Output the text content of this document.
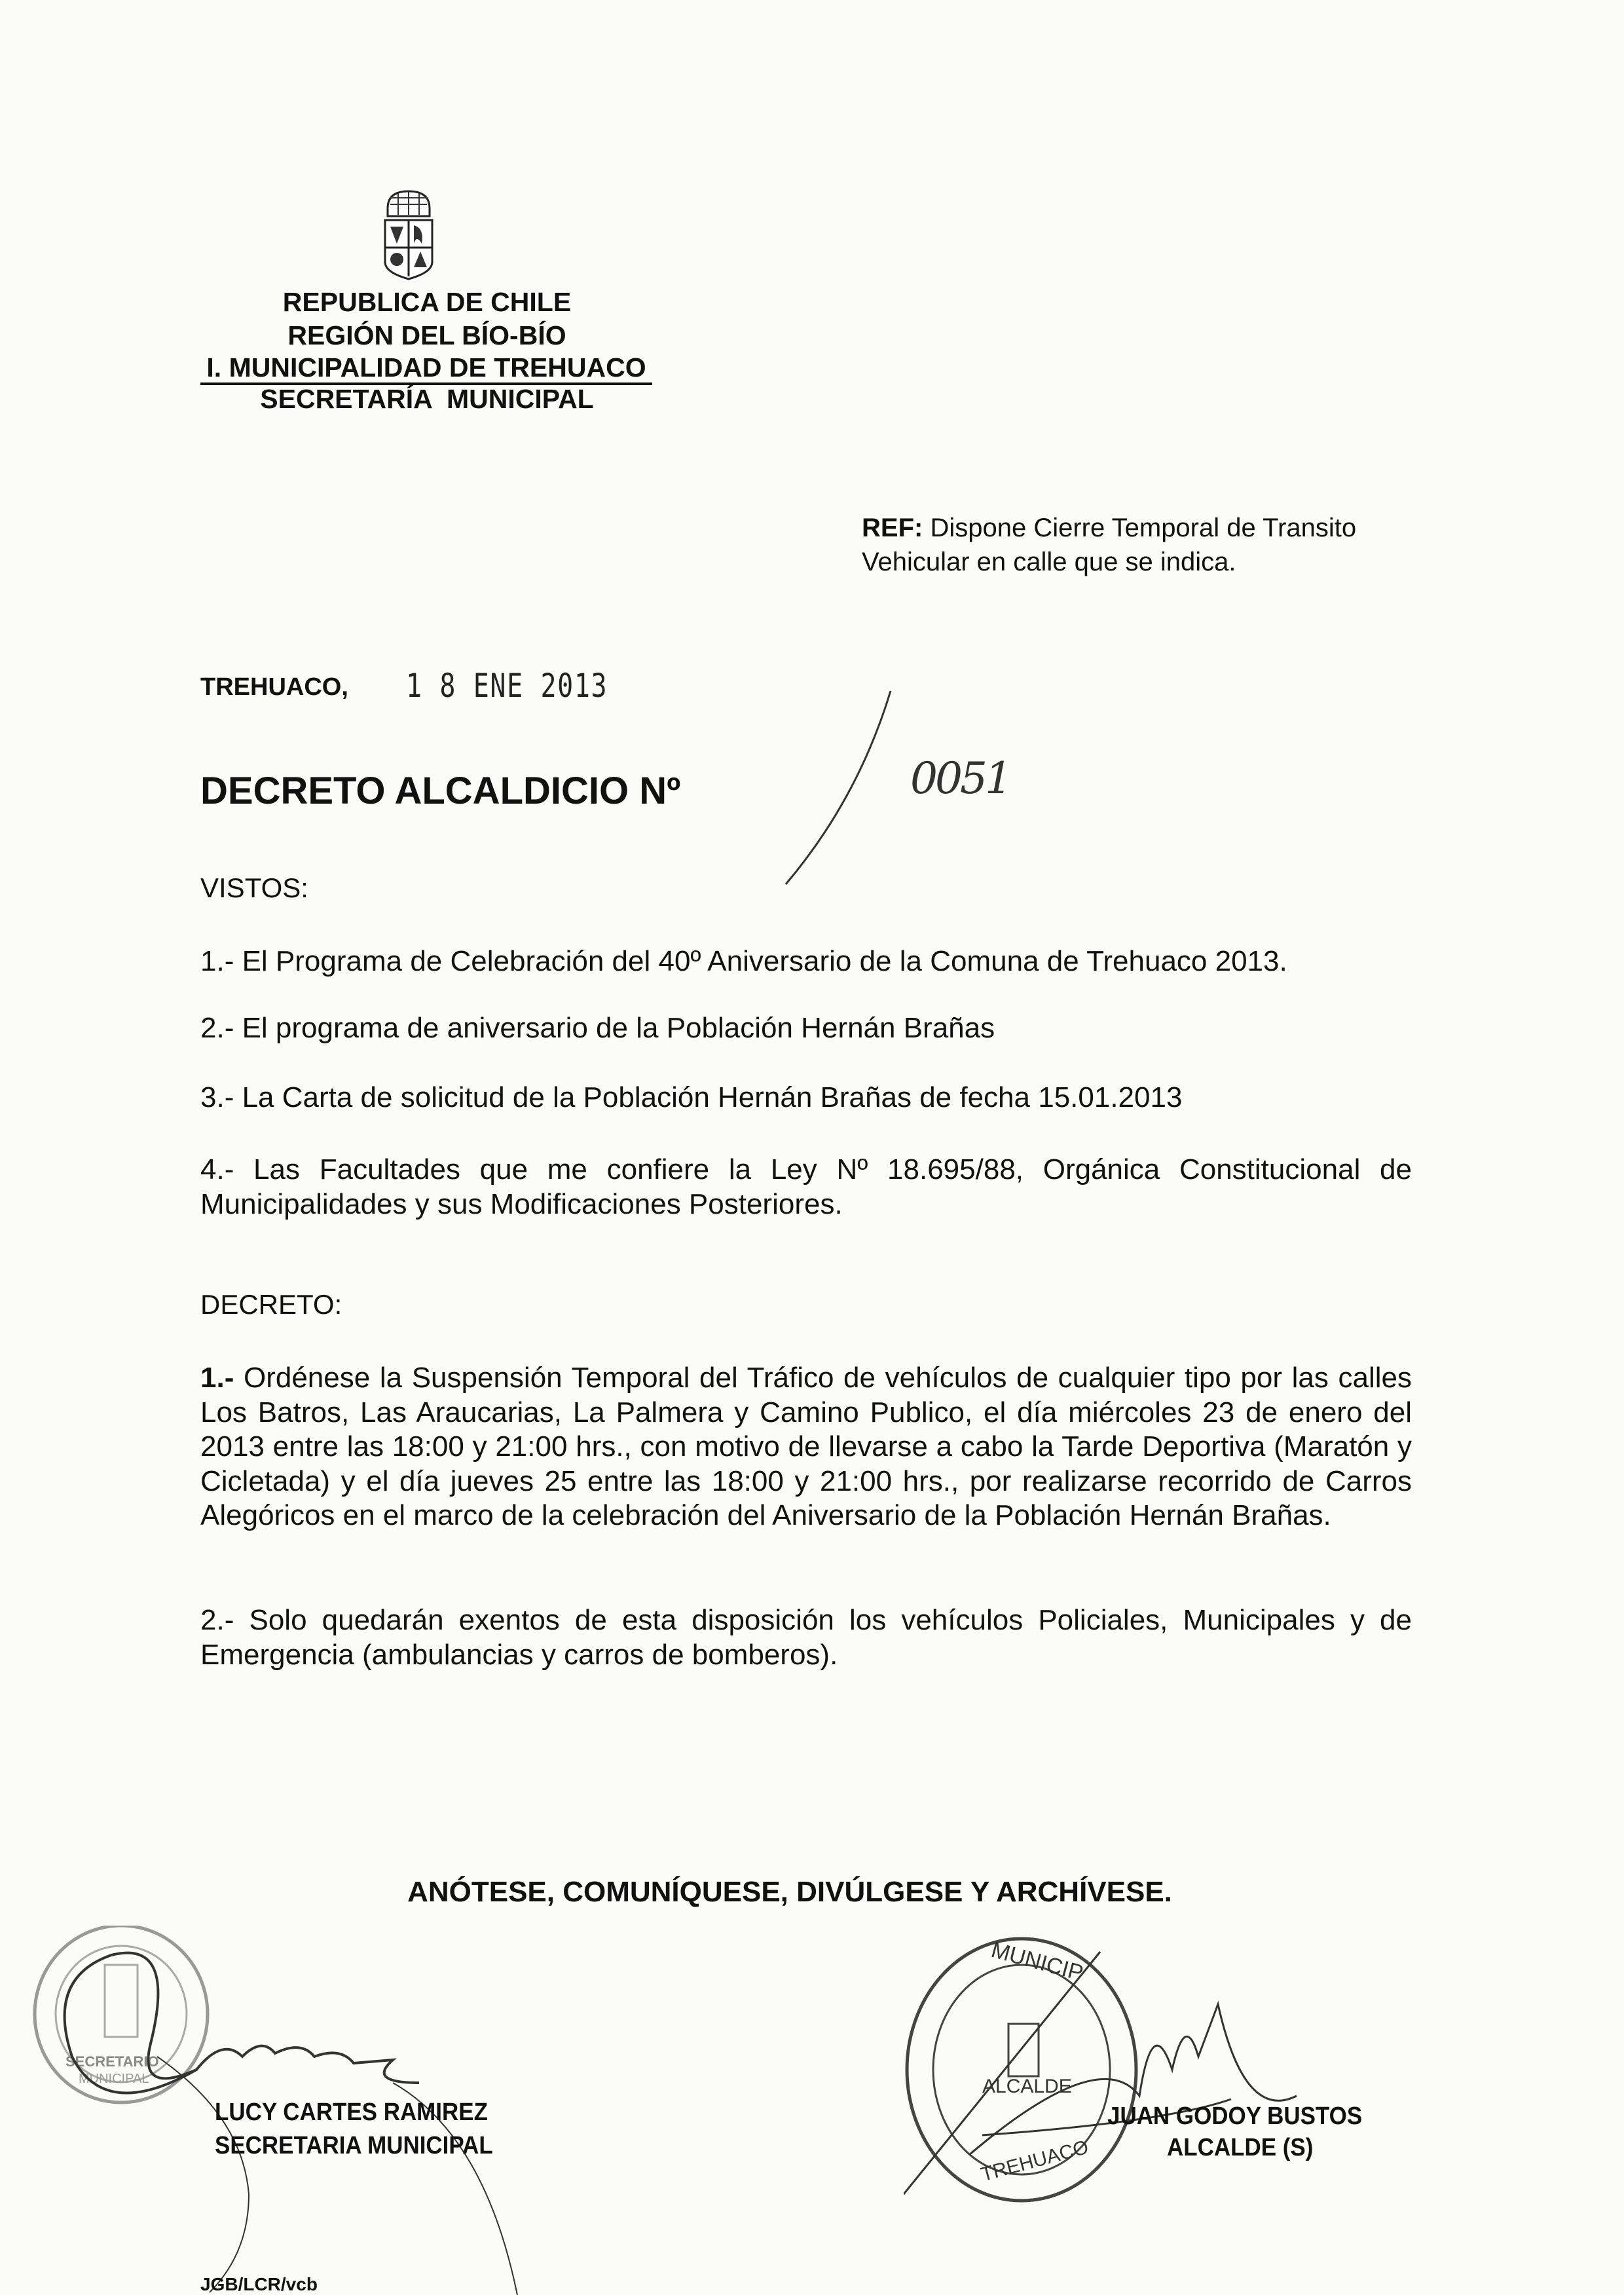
REPUBLICA DE CHILE
REGIÓN DEL BÍO-BÍO
I. MUNICIPALIDAD DE TREHUACO
SECRETARÍA  MUNICIPAL
REF: Dispone Cierre Temporal de Transito
Vehicular en calle que se indica.
TREHUACO, 1 8 ENE 2013
DECRETO ALCALDICIO Nº	0051
VISTOS:
1.- El Programa de Celebración del 40º Aniversario de la Comuna de Trehuaco 2013.
2.- El programa de aniversario de la Población Hernán Brañas
3.- La Carta de solicitud de la Población Hernán Brañas de fecha 15.01.2013
4.- Las Facultades que me confiere la Ley Nº 18.695/88, Orgánica Constitucional de Municipalidades y sus Modificaciones Posteriores.
DECRETO:
1.- Ordénese la Suspensión Temporal del Tráfico de vehículos de cualquier tipo por las calles Los Batros, Las Araucarias, La Palmera y Camino Publico, el día miércoles 23 de enero del 2013 entre las 18:00 y 21:00 hrs., con motivo de llevarse a cabo la Tarde Deportiva (Maratón y Cicletada) y el día jueves 25 entre las 18:00 y 21:00 hrs., por realizarse recorrido de Carros Alegóricos en el marco de la celebración del Aniversario de la Población Hernán Brañas.
2.- Solo quedarán exentos de esta disposición los vehículos Policiales, Municipales y de Emergencia (ambulancias y carros de bomberos).
ANÓTESE, COMUNÍQUESE, DIVÚLGESE Y ARCHÍVESE.
SECRETARIO
MUNICIPAL
LUCY CARTES RAMIREZ
SECRETARIA MUNICIPAL
MUNICIP
ALCALDE
TREHUACO
JUAN GODOY BUSTOS
ALCALDE (S)
JGB/LCR/vcb
